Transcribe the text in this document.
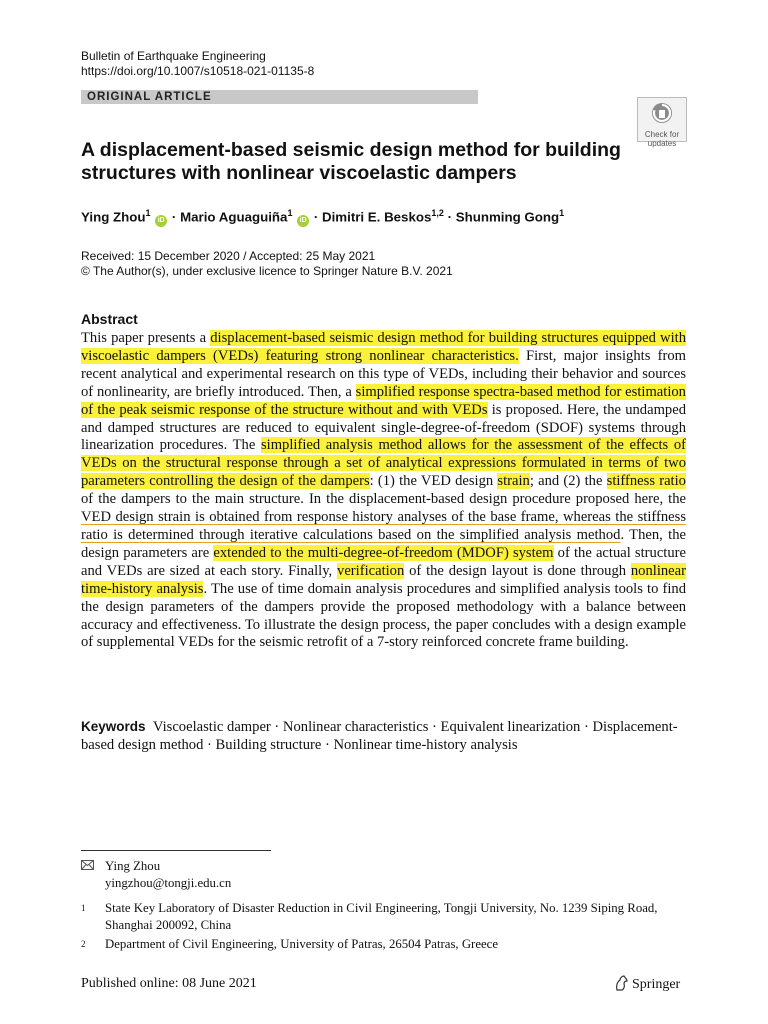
Bulletin of Earthquake Engineering
https://doi.org/10.1007/s10518-021-01135-8
ORIGINAL ARTICLE
Check for
updates
A displacement-based seismic design method for building structures with nonlinear viscoelastic dampers
Ying Zhou$^1$ iD · Mario Aguaguiña$^1$ iD · Dimitri E. Beskos$^{1,2}$ · Shunming Gong$^1$
Received: 15 December 2020 / Accepted: 25 May 2021
© The Author(s), under exclusive licence to Springer Nature B.V. 2021
Abstract

This paper presents a displacement-based seismic design method for building structures equipped with viscoelastic dampers (VEDs) featuring strong nonlinear characteristics. First, major insights from recent analytical and experimental research on this type of VEDs, including their behavior and sources of nonlinearity, are briefly introduced. Then, a simplified response spectra-based method for estimation of the peak seismic response of the structure without and with VEDs is proposed. Here, the undamped and damped structures are reduced to equivalent single-degree-of-freedom (SDOF) systems through linearization procedures. The simplified analysis method allows for the assessment of the effects of VEDs on the structural response through a set of analytical expressions formulated in terms of two parameters controlling the design of the dampers: (1) the VED design strain; and (2) the stiffness ratio of the dampers to the main structure. In the displacement-based design procedure proposed here, the VED design strain is obtained from response history analyses of the base frame, whereas the stiffness ratio is determined through iterative calculations based on the simplified analysis method. Then, the design parameters are extended to the multi-degree-of-freedom (MDOF) system of the actual structure and VEDs are sized at each story. Finally, verification of the design layout is done through nonlinear time-history analysis. The use of time domain analysis procedures and simplified analysis tools to find the design parameters of the dampers provide the proposed methodology with a balance between accuracy and effectiveness. To illustrate the design process, the paper concludes with a design example of supplemental VEDs for the seismic retrofit of a 7-story reinforced concrete frame building.

Keywords Viscoelastic damper · Nonlinear characteristics · Equivalent linearization · Displacement-based design method · Building structure · Nonlinear time-history analysis
Ying Zhou
yingzhou@tongji.edu.cn
1 State Key Laboratory of Disaster Reduction in Civil Engineering, Tongji University, No. 1239 Siping Road, Shanghai 200092, China
2 Department of Civil Engineering, University of Patras, 26504 Patras, Greece
Published online: 08 June 2021	Springer
